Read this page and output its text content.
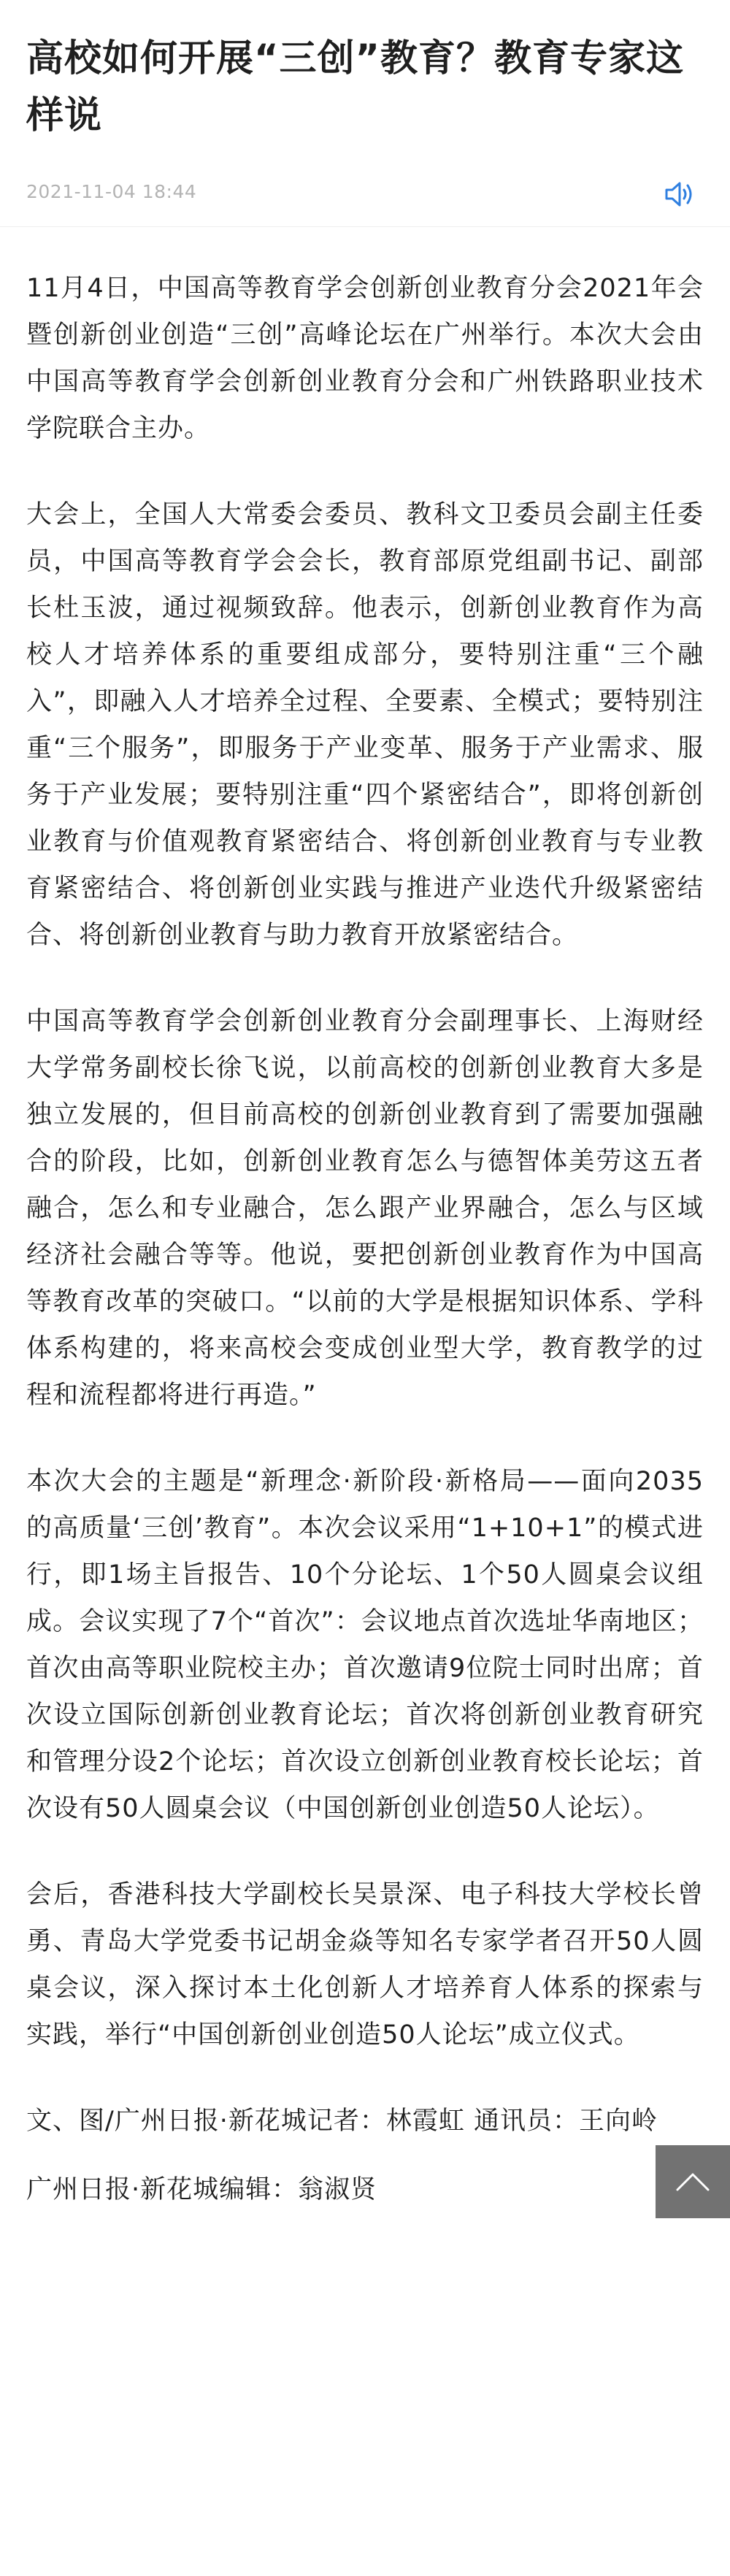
高校如何开展“三创”教育？教育专家这样说
2021-11-04 18:44

11月4日，中国高等教育学会创新创业教育分会2021年会暨创新创业创造“三创”高峰论坛在广州举行。本次大会由中国高等教育学会创新创业教育分会和广州铁路职业技术学院联合主办。

大会上，全国人大常委会委员、教科文卫委员会副主任委员，中国高等教育学会会长，教育部原党组副书记、副部长杜玉波，通过视频致辞。他表示，创新创业教育作为高校人才培养体系的重要组成部分，要特别注重“三个融入”，即融入人才培养全过程、全要素、全模式；要特别注重“三个服务”，即服务于产业变革、服务于产业需求、服务于产业发展；要特别注重“四个紧密结合”，即将创新创业教育与价值观教育紧密结合、将创新创业教育与专业教育紧密结合、将创新创业实践与推进产业迭代升级紧密结合、将创新创业教育与助力教育开放紧密结合。

中国高等教育学会创新创业教育分会副理事长、上海财经大学常务副校长徐飞说，以前高校的创新创业教育大多是独立发展的，但目前高校的创新创业教育到了需要加强融合的阶段，比如，创新创业教育怎么与德智体美劳这五者融合，怎么和专业融合，怎么跟产业界融合，怎么与区域经济社会融合等等。他说，要把创新创业教育作为中国高等教育改革的突破口。“以前的大学是根据知识体系、学科体系构建的，将来高校会变成创业型大学，教育教学的过程和流程都将进行再造。”

本次大会的主题是“新理念·新阶段·新格局——面向2035的高质量‘三创’教育”。本次会议采用“1+10+1”的模式进行，即1场主旨报告、10个分论坛、1个50人圆桌会议组成。会议实现了7个“首次”：会议地点首次选址华南地区；首次由高等职业院校主办；首次邀请9位院士同时出席；首次设立国际创新创业教育论坛；首次将创新创业教育研究和管理分设2个论坛；首次设立创新创业教育校长论坛；首次设有50人圆桌会议（中国创新创业创造50人论坛）。

会后，香港科技大学副校长吴景深、电子科技大学校长曾勇、青岛大学党委书记胡金焱等知名专家学者召开50人圆桌会议，深入探讨本土化创新人才培养育人体系的探索与实践，举行“中国创新创业创造50人论坛”成立仪式。

文、图/广州日报·新花城记者：林霞虹 通讯员：王向岭

广州日报·新花城编辑：翁淑贤
